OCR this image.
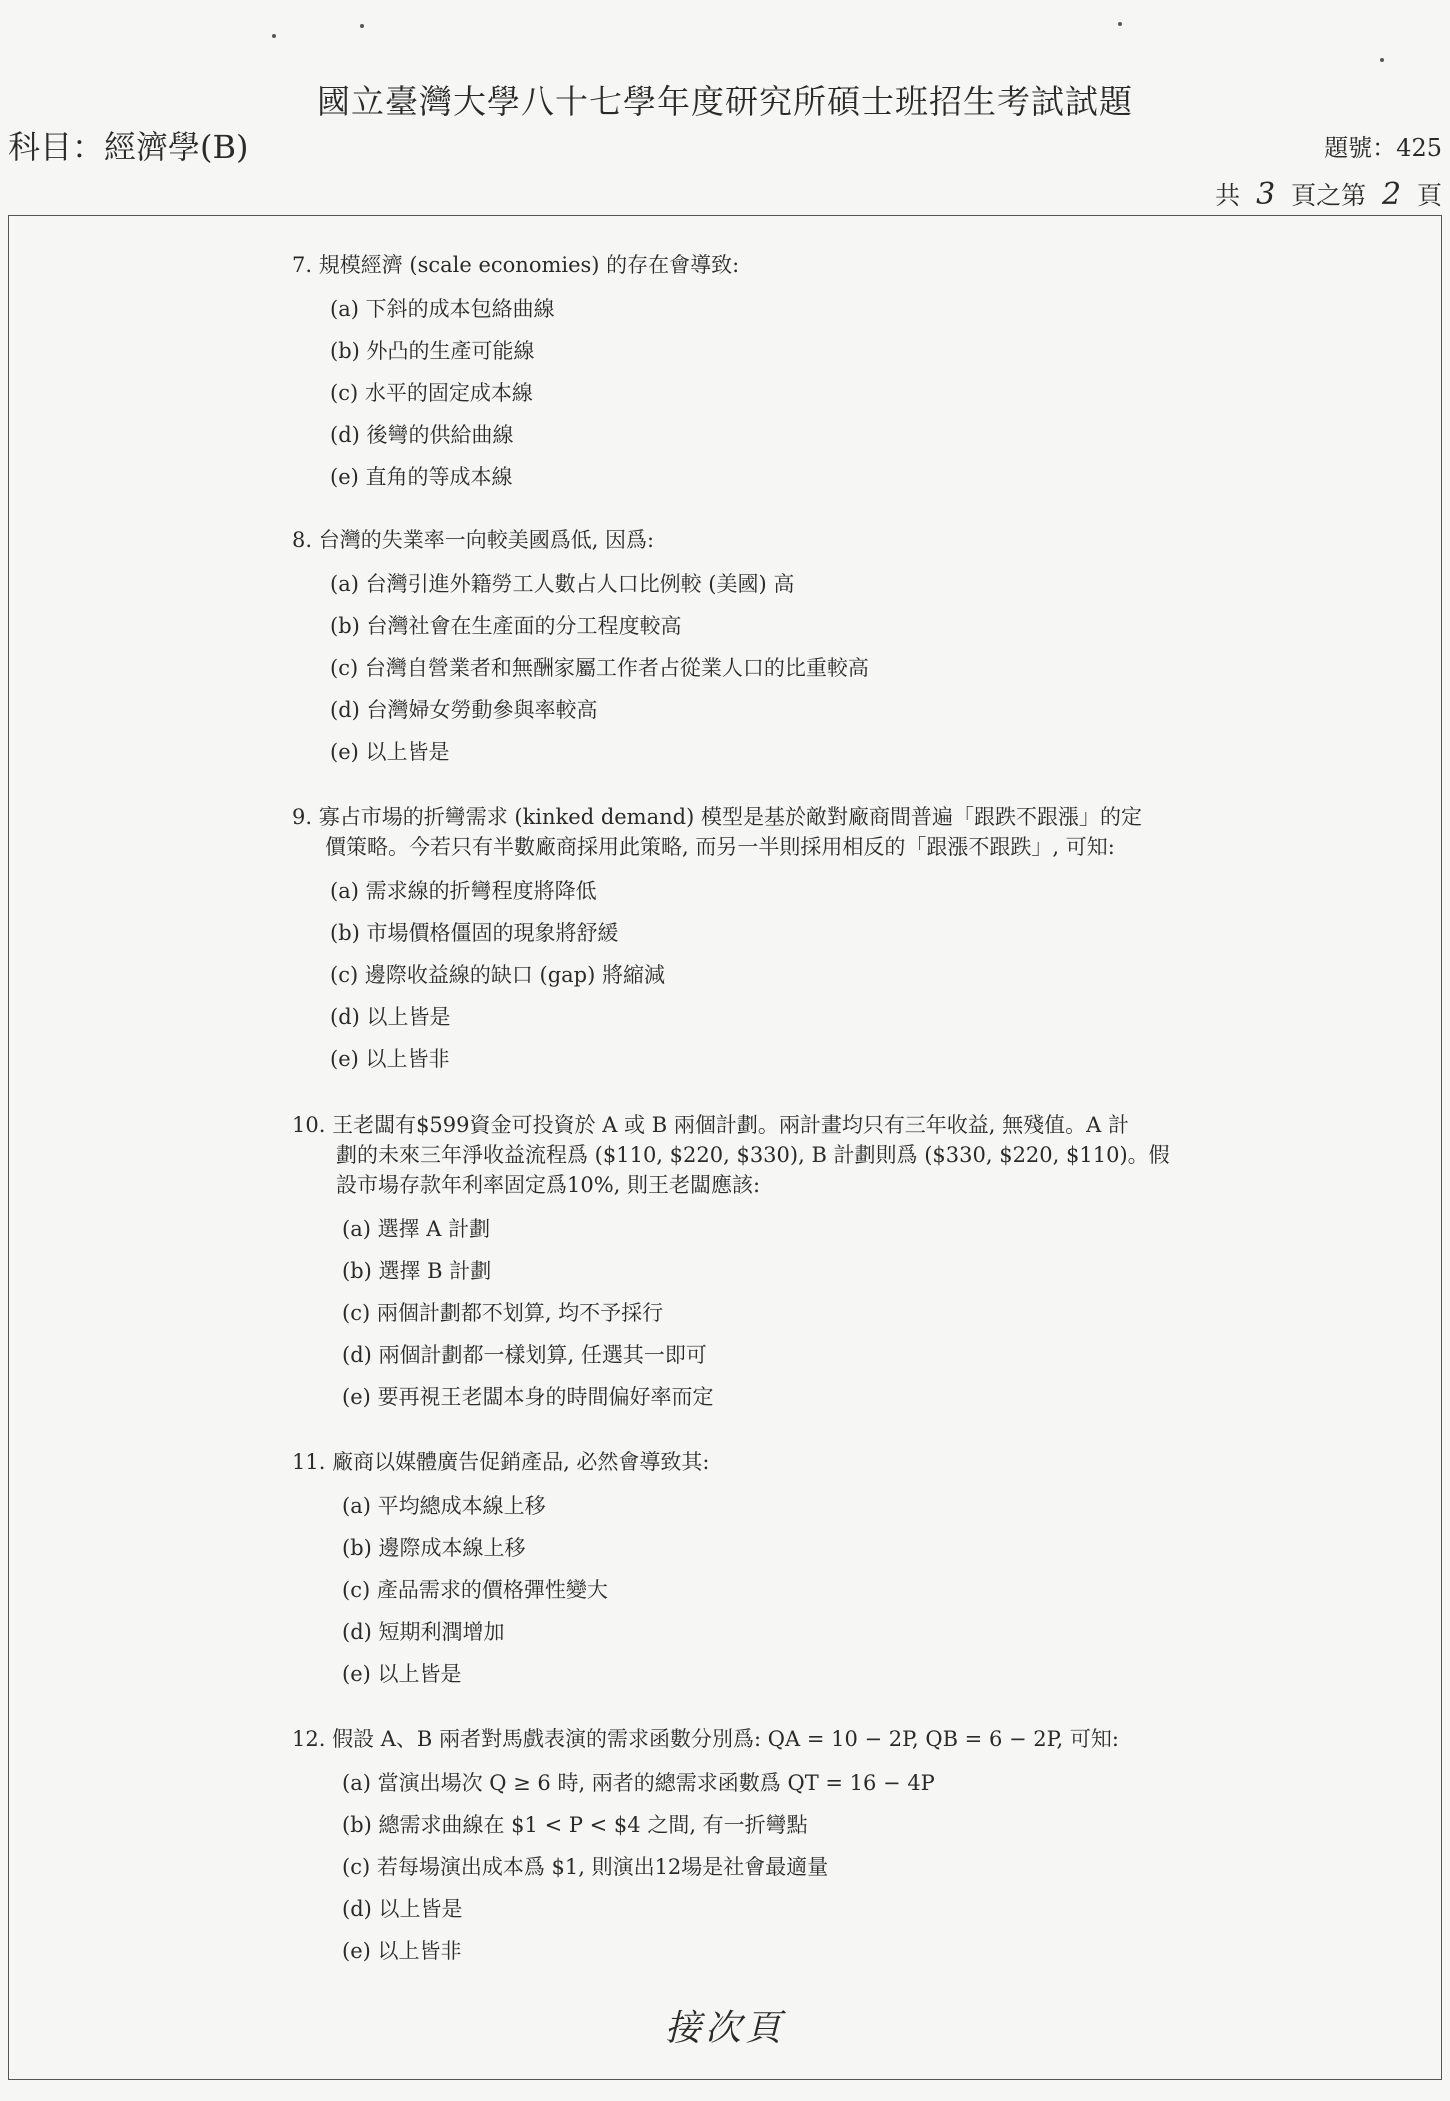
國立臺灣大學八十七學年度研究所碩士班招生考試試題
科目：經濟學(B)	題號：425
共 3 頁之第 2 頁
7. 規模經濟 (scale economies) 的存在會導致:
(a) 下斜的成本包絡曲線
(b) 外凸的生產可能線
(c) 水平的固定成本線
(d) 後彎的供給曲線
(e) 直角的等成本線
8. 台灣的失業率一向較美國爲低, 因爲:
(a) 台灣引進外籍勞工人數占人口比例較 (美國) 高
(b) 台灣社會在生產面的分工程度較高
(c) 台灣自營業者和無酬家屬工作者占從業人口的比重較高
(d) 台灣婦女勞動參與率較高
(e) 以上皆是
9. 寡占市場的折彎需求 (kinked demand) 模型是基於敵對廠商間普遍「跟跌不跟漲」的定
價策略。今若只有半數廠商採用此策略, 而另一半則採用相反的「跟漲不跟跌」, 可知:
(a) 需求線的折彎程度將降低
(b) 市場價格僵固的現象將舒緩
(c) 邊際收益線的缺口 (gap) 將縮減
(d) 以上皆是
(e) 以上皆非
10. 王老闆有$599資金可投資於 A 或 B 兩個計劃。兩計畫均只有三年收益, 無殘值。A 計
劃的未來三年淨收益流程爲 ($110, $220, $330), B 計劃則爲 ($330, $220, $110)。假
設市場存款年利率固定爲10%, 則王老闆應該:
(a) 選擇 A 計劃
(b) 選擇 B 計劃
(c) 兩個計劃都不划算, 均不予採行
(d) 兩個計劃都一樣划算, 任選其一即可
(e) 要再視王老闆本身的時間偏好率而定
11. 廠商以媒體廣告促銷產品, 必然會導致其:
(a) 平均總成本線上移
(b) 邊際成本線上移
(c) 產品需求的價格彈性變大
(d) 短期利潤增加
(e) 以上皆是
12. 假設 A、B 兩者對馬戲表演的需求函數分別爲: QA = 10 − 2P, QB = 6 − 2P, 可知:
(a) 當演出場次 Q ≥ 6 時, 兩者的總需求函數爲 QT = 16 − 4P
(b) 總需求曲線在 $1 < P < $4 之間, 有一折彎點
(c) 若每場演出成本爲 $1, 則演出12場是社會最適量
(d) 以上皆是
(e) 以上皆非
接次頁
